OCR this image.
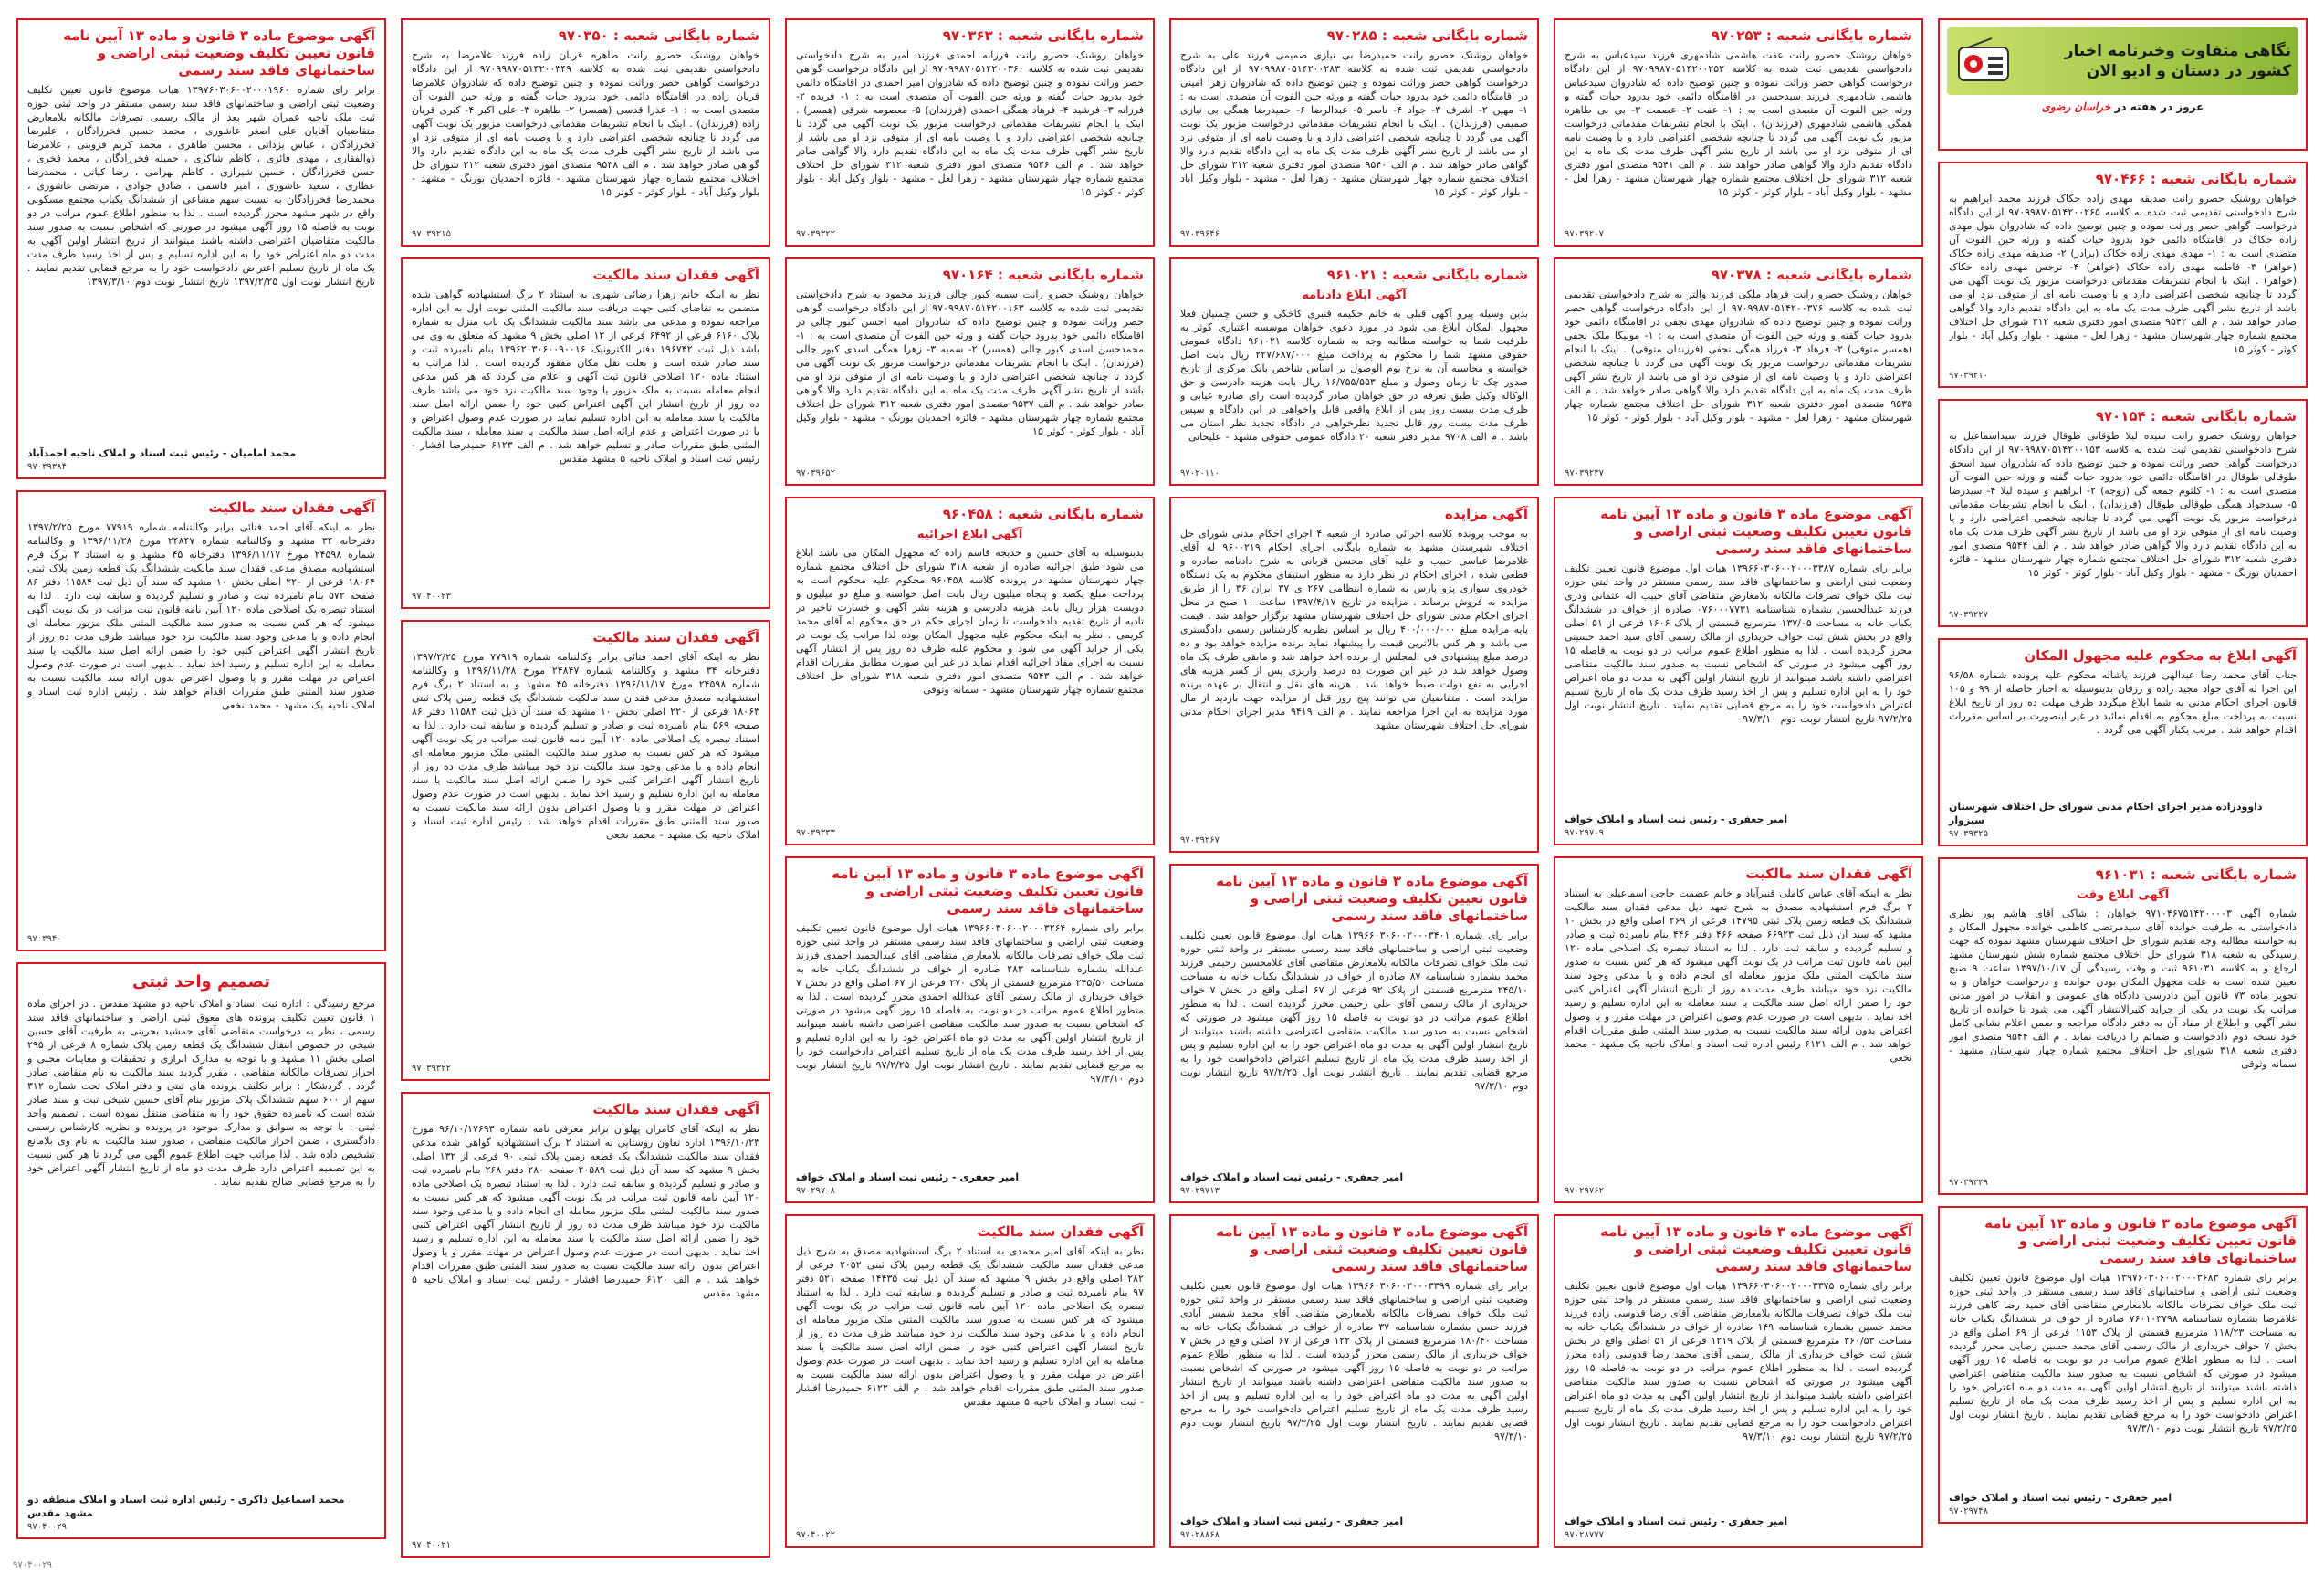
نگاهی متفاوت وخبرنامه اخبار کشور در دستان و ادیو الان
عروز در هفته در خراسان رضوی
شماره بایگانی شعبه : ۹۷۰۴۶۶
خواهان روشنک حصرو رانت صدیقه مهدی زاده حکاک فرزند محمد ابراهیم به شرح دادخواستی تقدیمی ثبت شده به کلاسه ۹۷۰۹۹۸۷۰۵۱۴۲۰۰۲۶۵ از این دادگاه درخواست گواهی حصر وراثت نموده و چنین توضیح داده که شادروان بتول مهدی زاده حکاک در اقامتگاه دائمی خود بدرود حیات گفته و ورثه حین الفوت آن متصدی است به : ۱- مهدی مهدی زاده حکاک (برادر) ۲- صدیقه مهدی زاده حکاک (خواهر) ۳- فاطمه مهدی زاده حکاک (خواهر) ۴- ترجس مهدی زاده حکاک (خواهر) . اینک با انجام تشریفات مقدماتی درخواست مزبور یک نوبت آگهی می گردد تا چنانچه شخصی اعتراضی دارد و یا وصیت نامه ای از متوفی نزد او می باشد از تاریخ نشر آگهی ظرف مدت یک ماه به این دادگاه تقدیم دارد والا گواهی صادر خواهد شد . م الف ۹۵۴۲ متصدی امور دفتری شعبه ۳۱۲ شورای حل اختلاف مجتمع شماره چهار شهرستان مشهد - زهرا لعل - مشهد - بلوار وکیل آباد - بلوار کوثر - کوثر ۱۵
۹۷۰۳۹۲۱۰
شماره بایگانی شعبه : ۹۷۰۱۵۴
خواهان روشنک حصرو رانت سیده لیلا طوقانی طوقال فرزند سیداسماعیل به شرح دادخواستی تقدیمی ثبت شده به کلاسه ۹۷۰۹۹۸۷۰۵۱۴۲۰۰۱۵۳ از این دادگاه درخواست گواهی حصر وراثت نموده و چنین توضیح داده که شادروان سید اسحق طوقالی طوقال در اقامتگاه دائمی خود بدرود حیات گفته و ورثه حین الفوت آن متصدی است به : ۱- کلثوم جمعه گی (زوجه) ۲- ابراهیم و سیده لیلا ۴- سیدرضا ۵- سیدجواد همگی طوقالی طوقال (فرزندان) . اینک با انجام تشریفات مقدماتی درخواست مزبور یک نوبت آگهی می گردد تا چنانچه شخصی اعتراضی دارد و یا وصیت نامه ای از متوفی نزد او می باشد از تاریخ نشر آگهی ظرف مدت یک ماه به این دادگاه تقدیم دارد والا گواهی صادر خواهد شد . م الف ۹۵۴۴ متصدی امور دفتری شعبه ۳۱۲ شورای حل اختلاف مجتمع شماره چهار شهرستان مشهد - فائزه احمدیان بورنگ - مشهد - بلوار وکیل آباد - بلوار کوثر - کوثر ۱۵
۹۷۰۳۹۲۲۷
آگهی ابلاغ به محکوم علیه مجهول المکان
جناب آقای محمد رضا عبدالهی فرزند یاشاله محکوم علیه پرونده شماره ۹۶/۵۸ این اجرا له آقای جواد مجید زاده و رزقان بدینوسیله به اخبار حاصله از ۹۹ و ۱۰۵ قانون اجرای احکام مدنی به شما ابلاغ میگردد ظرف مهلت ده روز از تاریخ ابلاغ نسبت به پرداخت مبلغ محکوم به اقدام نمائید در غیر اینصورت بر اساس مقررات اقدام خواهد شد . مرتب یکبار آگهی می گردد .
داوودزاده مدیر اجرای احکام مدنی شورای حل اختلاف شهرستان سبزوار
۹۷۰۳۹۳۲۵
شماره بایگانی شعبه : ۹۶۱۰۳۱
آگهی ابلاغ وقت
شماره آگهی ۹۷۱۰۴۶۷۵۱۴۲۰۰۰۰۳ خواهان : شاکی آقای هاشم پور نظری دادخواستی به طرفیت خوانده آقای سیدمرتضی کاظمی خوانده مجهول المکان و به خواسته مطالبه وجه تقدیم شورای حل اختلاف شهرستان مشهد نموده که جهت رسیدگی به شعبه ۳۱۸ شورای حل اختلاف مجتمع شماره شش شهرستان مشهد ارجاع و به کلاسه ۹۶۱۰۳۱ ثبت و وقت رسیدگی آن ۱۳۹۷/۱۰/۱۷ ساعت ۹ صبح تعیین شده است به علت مجهول المکان بودن خوانده و درخواست خواهان و به تجویز ماده ۷۳ قانون آیین دادرسی دادگاه های عمومی و انقلاب در امور مدنی مراتب یک نوبت در یکی از جراید کثیرالانتشار آگهی می شود تا خوانده از تاریخ نشر آگهی و اطلاع از مفاد آن به دفتر دادگاه مراجعه و ضمن اعلام نشانی کامل خود نسخه دوم دادخواست و ضمائم را دریافت نماید . م الف ۹۵۴۴ متصدی امور دفتری شعبه ۳۱۸ شورای حل اختلاف مجتمع شماره چهار شهرستان مشهد - سمانه وثوقی
۹۷۰۳۹۳۳۹
آگهی موضوع ماده ۳ قانون و ماده ۱۳ آیین نامه قانون تعیین تکلیف وضعیت ثبتی اراضی و ساختمانهای فاقد سند رسمی
برابر رای شماره ۱۳۹۷۶۰۳۰۶۰۰۲۰۰۰۳۶۸۳ هیات اول موضوع قانون تعیین تکلیف وضعیت ثبتی اراضی و ساختمانهای فاقد سند رسمی مستقر در واحد ثبتی حوزه ثبت ملک خواف تصرفات مالکانه بلامعارض متقاضی آقای حمید رضا کاهی فرزند غلامرضا بشماره شناسنامه ۷۶۰۱۰۳۷۹۸ صادره از خواف در ششدانگ یکباب خانه به مساحت ۱۱۸/۲۳ مترمربع قسمتی از پلاک ۱۱۵۳ فرعی از ۶۹ اصلی واقع در بخش ۷ خواف خریداری از مالک رسمی آقای محمد حسین رضایی محرز گردیده است . لذا به منظور اطلاع عموم مراتب در دو نوبت به فاصله ۱۵ روز آگهی میشود در صورتی که اشخاص نسبت به صدور سند مالکیت متقاضی اعتراضی داشته باشند میتوانند از تاریخ انتشار اولین آگهی به مدت دو ماه اعتراض خود را به این اداره تسلیم و پس از اخذ رسید ظرف مدت یک ماه از تاریخ تسلیم اعتراض دادخواست خود را به مرجع قضایی تقدیم نمایند . تاریخ انتشار نوبت اول ۹۷/۲/۲۵ تاریخ انتشار نوبت دوم ۹۷/۳/۱۰
امیر جعفری - رئیس ثبت اسناد و املاک خواف
۹۷۰۲۹۷۴۸
شماره بایگانی شعبه : ۹۷۰۲۵۳
خواهان روشنک حصرو رانت عفت هاشمی شادمهری فرزند سیدعباس به شرح دادخواستی تقدیمی ثبت شده به کلاسه ۹۷۰۹۹۸۷۰۵۱۴۲۰۰۲۵۲ از این دادگاه درخواست گواهی حصر وراثت نموده و چنین توضیح داده که شادروان سیدعباس هاشمی شادمهری فرزند سیدحسن در اقامتگاه دائمی خود بدرود حیات گفته و ورثه حین الفوت آن متصدی است به : ۱- عفت ۲- عصمت ۳- بی بی طاهره همگی هاشمی شادمهری (فرزندان) . اینک با انجام تشریفات مقدماتی درخواست مزبور یک نوبت آگهی می گردد تا چنانچه شخصی اعتراضی دارد و یا وصیت نامه ای از متوفی نزد او می باشد از تاریخ نشر آگهی ظرف مدت یک ماه به این دادگاه تقدیم دارد والا گواهی صادر خواهد شد . م الف ۹۵۴۱ متصدی امور دفتری شعبه ۳۱۲ شورای حل اختلاف مجتمع شماره چهار شهرستان مشهد - زهرا لعل - مشهد - بلوار وکیل آباد - بلوار کوثر - کوثر ۱۵
۹۷۰۳۹۲۰۷
شماره بایگانی شعبه : ۹۷۰۳۷۸
خواهان روشنک حصرو رانت فرهاد ملکی فرزند والتر به شرح دادخواستی تقدیمی ثبت شده به کلاسه ۹۷۰۹۹۸۷۰۵۱۴۲۰۰۳۷۶ از این دادگاه درخواست گواهی حصر وراثت نموده و چنین توضیح داده که شادروان مهدی نجفی در اقامتگاه دائمی خود بدرود حیات گفته و ورثه حین الفوت آن متصدی است به : ۱- مونیکا ملک نجفی (همسر متوفی) ۲- فرهاد ۳- فرزاد همگی نجفی (فرزندان متوفی) . اینک با انجام تشریفات مقدماتی درخواست مزبور یک نوبت آگهی می گردد تا چنانچه شخصی اعتراضی دارد و یا وصیت نامه ای از متوفی نزد او می باشد از تاریخ نشر آگهی ظرف مدت یک ماه به این دادگاه تقدیم دارد والا گواهی صادر خواهد شد . م الف ۹۵۳۵ متصدی امور دفتری شعبه ۳۱۲ شورای حل اختلاف مجتمع شماره چهار شهرستان مشهد - زهرا لعل - مشهد - بلوار وکیل آباد - بلوار کوثر - کوثر ۱۵
۹۷۰۳۹۲۳۷
آگهی موضوع ماده ۳ قانون و ماده ۱۳ آیین نامه قانون تعیین تکلیف وضعیت ثبتی اراضی و ساختمانهای فاقد سند رسمی
برابر رای شماره ۱۳۹۶۶۰۳۰۶۰۰۲۰۰۰۳۳۸۷ هیات اول موضوع قانون تعیین تکلیف وضعیت ثبتی اراضی و ساختمانهای فاقد سند رسمی مستقر در واحد ثبتی حوزه ثبت ملک خواف تصرفات مالکانه بلامعارض متقاضی آقای حبیب اله عثمانی ودری فرزند عبدالحسین بشماره شناسنامه ۰۷۶۰۰۰۷۷۳۱ صادره از خواف در ششدانگ یکباب خانه به مساحت ۱۳۷/۰۵ مترمربع قسمتی از پلاک ۱۶۰۶ فرعی از ۵۱ اصلی واقع در بخش شش ثبت خواف خریداری از مالک رسمی آقای سید احمد حسینی محرز گردیده است . لذا به منظور اطلاع عموم مراتب در دو نوبت به فاصله ۱۵ روز آگهی میشود در صورتی که اشخاص نسبت به صدور سند مالکیت متقاضی اعتراضی داشته باشند میتوانند از تاریخ انتشار اولین آگهی به مدت دو ماه اعتراض خود را به این اداره تسلیم و پس از اخذ رسید ظرف مدت یک ماه از تاریخ تسلیم اعتراض دادخواست خود را به مرجع قضایی تقدیم نمایند . تاریخ انتشار نوبت اول ۹۷/۲/۲۵ تاریخ انتشار نوبت دوم ۹۷/۳/۱۰
امیر جعفری - رئیس ثبت اسناد و املاک خواف
۹۷۰۲۹۷۰۹
آگهی فقدان سند مالکیت
نظر به اینکه آقای عباس کاملی قنبرآباد و خانم عصمت حاجی اسماعیلی به استناد ۲ برگ فرم استشهادیه مصدق به شرح تعهد ذیل مدعی فقدان سند مالکیت ششدانگ یک قطعه زمین پلاک ثبتی ۱۴۷۹۵ فرعی از ۲۶۹ اصلی واقع در بخش ۱۰ مشهد که سند آن ذیل ثبت ۶۶۹۲۳ صفحه ۴۶۶ دفتر ۴۴۶ بنام نامبرده ثبت و صادر و تسلیم گردیده و سابقه ثبت دارد . لذا به استناد تبصره یک اصلاحی ماده ۱۲۰ آیین نامه قانون ثبت مراتب در یک نوبت آگهی میشود که هر کس نسبت به صدور سند مالکیت المثنی ملک مزبور معامله ای انجام داده و یا مدعی وجود سند مالکیت نزد خود میباشد ظرف مدت ده روز از تاریخ انتشار آگهی اعتراض کتبی خود را ضمن ارائه اصل سند مالکیت یا سند معامله به این اداره تسلیم و رسید اخذ نماید . بدیهی است در صورت عدم وصول اعتراض در مهلت مقرر و یا وصول اعتراض بدون ارائه سند مالکیت نسبت به صدور سند المثنی طبق مقررات اقدام خواهد شد . م الف ۶۱۲۱ رئیس اداره ثبت اسناد و املاک ناحیه یک مشهد - محمد نخعی
۹۷۰۲۹۷۶۲
آگهی موضوع ماده ۳ قانون و ماده ۱۳ آیین نامه قانون تعیین تکلیف وضعیت ثبتی اراضی و ساختمانهای فاقد سند رسمی
برابر رای شماره ۱۳۹۶۶۰۳۰۶۰۰۲۰۰۰۳۳۷۵ هیات اول موضوع قانون تعیین تکلیف وضعیت ثبتی اراضی و ساختمانهای فاقد سند رسمی مستقر در واحد ثبتی حوزه ثبت ملک خواف تصرفات مالکانه بلامعارض متقاضی آقای رضا قدوسی زاده فرزند محمد حسین بشماره شناسنامه ۱۴۹ صادره از خواف در ششدانگ یکباب خانه به مساحت ۳۶۰/۵۳ مترمربع قسمتی از پلاک ۱۲۱۹ فرعی از ۵۱ اصلی واقع در بخش شش ثبت خواف خریداری از مالک رسمی آقای محمد رضا قدوسی زاده محرز گردیده است . لذا به منظور اطلاع عموم مراتب در دو نوبت به فاصله ۱۵ روز آگهی میشود در صورتی که اشخاص نسبت به صدور سند مالکیت متقاضی اعتراضی داشته باشند میتوانند از تاریخ انتشار اولین آگهی به مدت دو ماه اعتراض خود را به این اداره تسلیم و پس از اخذ رسید ظرف مدت یک ماه از تاریخ تسلیم اعتراض دادخواست خود را به مرجع قضایی تقدیم نمایند . تاریخ انتشار نوبت اول ۹۷/۲/۲۵ تاریخ انتشار نوبت دوم ۹۷/۳/۱۰
امیر جعفری - رئیس ثبت اسناد و املاک خواف
۹۷۰۲۸۷۷۷
شماره بایگانی شعبه : ۹۷۰۲۸۵
خواهان روشنک حصرو رانت حمیدرضا بی نیازی صمیمی فرزند علی به شرح دادخواستی تقدیمی ثبت شده به کلاسه ۹۷۰۹۹۸۷۰۵۱۴۲۰۰۲۸۳ از این دادگاه درخواست گواهی حصر وراثت نموده و چنین توضیح داده که شادروان زهرا امینی در اقامتگاه دائمی خود بدرود حیات گفته و ورثه حین الفوت آن متصدی است به : ۱- مهین ۲- اشرف ۳- جواد ۴- ناصر ۵- عبدالرضا ۶- حمیدرضا همگی بی نیازی صمیمی (فرزندان) . اینک با انجام تشریفات مقدماتی درخواست مزبور یک نوبت آگهی می گردد تا چنانچه شخصی اعتراضی دارد و یا وصیت نامه ای از متوفی نزد او می باشد از تاریخ نشر آگهی ظرف مدت یک ماه به این دادگاه تقدیم دارد والا گواهی صادر خواهد شد . م الف ۹۵۴۰ متصدی امور دفتری شعبه ۳۱۲ شورای حل اختلاف مجتمع شماره چهار شهرستان مشهد - زهرا لعل - مشهد - بلوار وکیل آباد - بلوار کوثر - کوثر ۱۵
۹۷۰۳۹۶۴۶
شماره بایگانی شعبه : ۹۶۱۰۲۱
آگهی ابلاغ دادنامه
بدین وسیله پیرو آگهی قبلی به خانم حکیمه قنبری کاخکی و حسن چمنیان فعلا مجهول المکان ابلاغ می شود در مورد دعوی خواهان موسسه اعتباری کوثر به طرفیت شما به خواسته مطالبه وجه به شماره کلاسه ۹۶۱۰۲۱ دادگاه عمومی حقوقی مشهد شما را محکوم به پرداخت مبلغ ۲۲۷/۶۸۷/۰۰۰ ریال بابت اصل خواسته و محاسبه آن به نرخ یوم الوصول بر اساس شاخص بانک مرکزی از تاریخ صدور چک تا زمان وصول و مبلغ ۱۶/۷۵۵/۵۵۳ ریال بابت هزینه دادرسی و حق الوکاله وکیل طبق تعرفه در حق خواهان صادر گردیده است رای صادره غیابی و ظرف مدت بیست روز پس از ابلاغ واقعی قابل واخواهی در این دادگاه و سپس ظرف مدت بیست روز قابل تجدید نظرخواهی در دادگاه تجدید نظر استان می باشد . م الف ۹۷۰۸ مدیر دفتر شعبه ۲۰ دادگاه عمومی حقوقی مشهد - علیخانی
۹۷۰۲۰۱۱۰
آگهی مزایده
به موجب پرونده کلاسه اجرائی صادره از شعبه ۴ اجرای احکام مدنی شورای حل اختلاف شهرستان مشهد به شماره بایگانی اجرای احکام ۹۶۰۰۲۱۹ له آقای غلامرضا عباسی حبیب و علیه آقای محسن قربانی به شرح دادنامه صادره و قطعی شده ، اجرای احکام در نظر دارد به منظور استیفای محکوم به یک دستگاه خودروی سواری پژو پارس به شماره انتظامی ۲۶۷ ی ۳۷ ایران ۳۶ را از طریق مزایده به فروش برساند . مزایده در تاریخ ۱۳۹۷/۴/۱۷ ساعت ۱۰ صبح در محل اجرای احکام مدنی شورای حل اختلاف شهرستان مشهد برگزار خواهد شد . قیمت پایه مزایده مبلغ ۴۰۰/۰۰۰/۰۰۰ ریال بر اساس نظریه کارشناس رسمی دادگستری می باشد و هر کس بالاترین قیمت را پیشنهاد نماید برنده مزایده خواهد بود و ده درصد مبلغ پیشنهادی فی المجلس از برنده اخذ خواهد شد و مابقی ظرف یک ماه وصول خواهد شد در غیر این صورت ده درصد واریزی پس از کسر هزینه های اجرایی به نفع دولت ضبط خواهد شد . هزینه های نقل و انتقال بر عهده برنده مزایده است . متقاضیان می توانند پنج روز قبل از مزایده جهت بازدید از مال مورد مزایده به این اجرا مراجعه نمایند . م الف ۹۴۱۹ مدیر اجرای احکام مدنی شورای حل اختلاف شهرستان مشهد
۹۷۰۳۹۲۶۷
آگهی موضوع ماده ۳ قانون و ماده ۱۳ آیین نامه قانون تعیین تکلیف وضعیت ثبتی اراضی و ساختمانهای فاقد سند رسمی
برابر رای شماره ۱۳۹۶۶۰۳۰۶۰۰۲۰۰۰۳۴۰۱ هیات اول موضوع قانون تعیین تکلیف وضعیت ثبتی اراضی و ساختمانهای فاقد سند رسمی مستقر در واحد ثبتی حوزه ثبت ملک خواف تصرفات مالکانه بلامعارض متقاضی آقای غلامحسین رحیمی فرزند محمد بشماره شناسنامه ۸۷ صادره از خواف در ششدانگ یکباب خانه به مساحت ۲۴۵/۱۰ مترمربع قسمتی از پلاک ۹۲ فرعی از ۶۷ اصلی واقع در بخش ۷ خواف خریداری از مالک رسمی آقای علی رحیمی محرز گردیده است . لذا به منظور اطلاع عموم مراتب در دو نوبت به فاصله ۱۵ روز آگهی میشود در صورتی که اشخاص نسبت به صدور سند مالکیت متقاضی اعتراضی داشته باشند میتوانند از تاریخ انتشار اولین آگهی به مدت دو ماه اعتراض خود را به این اداره تسلیم و پس از اخذ رسید ظرف مدت یک ماه از تاریخ تسلیم اعتراض دادخواست خود را به مرجع قضایی تقدیم نمایند . تاریخ انتشار نوبت اول ۹۷/۲/۲۵ تاریخ انتشار نوبت دوم ۹۷/۳/۱۰
امیر جعفری - رئیس ثبت اسناد و املاک خواف
۹۷۰۲۹۷۱۳
آگهی موضوع ماده ۳ قانون و ماده ۱۳ آیین نامه قانون تعیین تکلیف وضعیت ثبتی اراضی و ساختمانهای فاقد سند رسمی
برابر رای شماره ۱۳۹۶۶۰۳۰۶۰۰۲۰۰۰۳۳۹۹ هیات اول موضوع قانون تعیین تکلیف وضعیت ثبتی اراضی و ساختمانهای فاقد سند رسمی مستقر در واحد ثبتی حوزه ثبت ملک خواف تصرفات مالکانه بلامعارض متقاضی آقای محمد شمس آبادی فرزند حسن بشماره شناسنامه ۳۷ صادره از خواف در ششدانگ یکباب خانه به مساحت ۱۸۰/۴۰ مترمربع قسمتی از پلاک ۱۲۲ فرعی از ۶۷ اصلی واقع در بخش ۷ خواف خریداری از مالک رسمی محرز گردیده است . لذا به منظور اطلاع عموم مراتب در دو نوبت به فاصله ۱۵ روز آگهی میشود در صورتی که اشخاص نسبت به صدور سند مالکیت متقاضی اعتراضی داشته باشند میتوانند از تاریخ انتشار اولین آگهی به مدت دو ماه اعتراض خود را به این اداره تسلیم و پس از اخذ رسید ظرف مدت یک ماه از تاریخ تسلیم اعتراض دادخواست خود را به مرجع قضایی تقدیم نمایند . تاریخ انتشار نوبت اول ۹۷/۲/۲۵ تاریخ انتشار نوبت دوم ۹۷/۳/۱۰
امیر جعفری - رئیس ثبت اسناد و املاک خواف
۹۷۰۲۸۸۶۸
شماره بایگانی شعبه : ۹۷۰۳۶۳
خواهان روشنک حصرو رانت فرزانه احمدی فرزند امیر به شرح دادخواستی تقدیمی ثبت شده به کلاسه ۹۷۰۹۹۸۷۰۵۱۴۲۰۰۳۶۰ از این دادگاه درخواست گواهی حصر وراثت نموده و چنین توضیح داده که شادروان امیر احمدی در اقامتگاه دائمی خود بدرود حیات گفته و ورثه حین الفوت آن متصدی است به : ۱- فریده ۲- فرزانه ۳- فرشید ۴- فرهاد همگی احمدی (فرزندان) ۵- معصومه شرقی (همسر) . اینک با انجام تشریفات مقدماتی درخواست مزبور یک نوبت آگهی می گردد تا چنانچه شخصی اعتراضی دارد و یا وصیت نامه ای از متوفی نزد او می باشد از تاریخ نشر آگهی ظرف مدت یک ماه به این دادگاه تقدیم دارد والا گواهی صادر خواهد شد . م الف ۹۵۳۶ متصدی امور دفتری شعبه ۳۱۲ شورای حل اختلاف مجتمع شماره چهار شهرستان مشهد - زهرا لعل - مشهد - بلوار وکیل آباد - بلوار کوثر - کوثر ۱۵
۹۷۰۳۹۳۲۲
شماره بایگانی شعبه : ۹۷۰۱۶۴
خواهان روشنک حصرو رانت سمیه کبور چالی فرزند محمود به شرح دادخواستی تقدیمی ثبت شده به کلاسه ۹۷۰۹۹۸۷۰۵۱۴۲۰۰۱۶۳ از این دادگاه درخواست گواهی حصر وراثت نموده و چنین توضیح داده که شادروان امیه احسن کبور چالی در اقامتگاه دائمی خود بدرود حیات گفته و ورثه حین الفوت آن متصدی است به : ۱- محمدحسن اسدی کبور چالی (همسر) ۲- سمیه ۳- زهرا همگی اسدی کبور چالی (فرزندان) . اینک با انجام تشریفات مقدماتی درخواست مزبور یک نوبت آگهی می گردد تا چنانچه شخصی اعتراضی دارد و یا وصیت نامه ای از متوفی نزد او می باشد از تاریخ نشر آگهی ظرف مدت یک ماه به این دادگاه تقدیم دارد والا گواهی صادر خواهد شد . م الف ۹۵۳۷ متصدی امور دفتری شعبه ۳۱۲ شورای حل اختلاف مجتمع شماره چهار شهرستان مشهد - فائزه احمدیان بورنگ - مشهد - بلوار وکیل آباد - بلوار کوثر - کوثر ۱۵
۹۷۰۳۹۶۵۲
شماره بایگانی شعبه : ۹۶۰۴۵۸
آگهی ابلاغ اجرائیه
بدینوسیله به آقای حسین و خدیجه قاسم زاده که مجهول المکان می باشد ابلاغ می شود طبق اجرائیه صادره از شعبه ۳۱۸ شورای حل اختلاف مجتمع شماره چهار شهرستان مشهد در پرونده کلاسه ۹۶۰۴۵۸ محکوم علیه محکوم است به پرداخت مبلغ یکصد و پنجاه میلیون ریال بابت اصل خواسته و مبلغ دو میلیون و دویست هزار ریال بابت هزینه دادرسی و هزینه نشر آگهی و خسارت تاخیر در تادیه از تاریخ تقدیم دادخواست تا زمان اجرای حکم در حق محکوم له آقای محمد کریمی . نظر به اینکه محکوم علیه مجهول المکان بوده لذا مراتب یک نوبت در یکی از جراید آگهی می شود و محکوم علیه ظرف ده روز پس از انتشار آگهی نسبت به اجرای مفاد اجرائیه اقدام نماید در غیر این صورت مطابق مقررات اقدام خواهد شد . م الف ۹۵۴۳ متصدی امور دفتری شعبه ۳۱۸ شورای حل اختلاف مجتمع شماره چهار شهرستان مشهد - سمانه وثوقی
۹۷۰۳۹۳۳۳
آگهی موضوع ماده ۳ قانون و ماده ۱۳ آیین نامه قانون تعیین تکلیف وضعیت ثبتی اراضی و ساختمانهای فاقد سند رسمی
برابر رای شماره ۱۳۹۶۶۰۳۰۶۰۰۲۰۰۰۳۲۶۴ هیات اول موضوع قانون تعیین تکلیف وضعیت ثبتی اراضی و ساختمانهای فاقد سند رسمی مستقر در واحد ثبتی حوزه ثبت ملک خواف تصرفات مالکانه بلامعارض متقاضی آقای عبدالحمید احمدی فرزند عبدالله بشماره شناسنامه ۲۸۳ صادره از خواف در ششدانگ یکباب خانه به مساحت ۲۴۵/۵۰ مترمربع قسمتی از پلاک ۲۷۰ فرعی از ۶۷ اصلی واقع در بخش ۷ خواف خریداری از مالک رسمی آقای عبدالله احمدی محرز گردیده است . لذا به منظور اطلاع عموم مراتب در دو نوبت به فاصله ۱۵ روز آگهی میشود در صورتی که اشخاص نسبت به صدور سند مالکیت متقاضی اعتراضی داشته باشند میتوانند از تاریخ انتشار اولین آگهی به مدت دو ماه اعتراض خود را به این اداره تسلیم و پس از اخذ رسید ظرف مدت یک ماه از تاریخ تسلیم اعتراض دادخواست خود را به مرجع قضایی تقدیم نمایند . تاریخ انتشار نوبت اول ۹۷/۲/۲۵ تاریخ انتشار نوبت دوم ۹۷/۳/۱۰
امیر جعفری - رئیس ثبت اسناد و املاک خواف
۹۷۰۲۹۷۰۸
آگهی فقدان سند مالکیت
نظر به اینکه آقای امیر محمدی به استناد ۲ برگ استشهادیه مصدق به شرح ذیل مدعی فقدان سند مالکیت ششدانگ یک قطعه زمین پلاک ثبتی ۲۰۵۲ فرعی از ۲۸۲ اصلی واقع در بخش ۹ مشهد که سند آن ذیل ثبت ۱۴۴۳۵ صفحه ۵۲۱ دفتر ۹۷ بنام نامبرده ثبت و صادر و تسلیم گردیده و سابقه ثبت دارد . لذا به استناد تبصره یک اصلاحی ماده ۱۲۰ آیین نامه قانون ثبت مراتب در یک نوبت آگهی میشود که هر کس نسبت به صدور سند مالکیت المثنی ملک مزبور معامله ای انجام داده و یا مدعی وجود سند مالکیت نزد خود میباشد ظرف مدت ده روز از تاریخ انتشار آگهی اعتراض کتبی خود را ضمن ارائه اصل سند مالکیت یا سند معامله به این اداره تسلیم و رسید اخذ نماید . بدیهی است در صورت عدم وصول اعتراض در مهلت مقرر و یا وصول اعتراض بدون ارائه سند مالکیت نسبت به صدور سند المثنی طبق مقررات اقدام خواهد شد . م الف ۶۱۲۲ حمیدرضا افشار - ثبت اسناد و املاک ناحیه ۵ مشهد مقدس
۹۷۰۴۰۰۲۲
شماره بایگانی شعبه : ۹۷۰۳۵۰
خواهان روشنک حصرو رانت طاهره قربان زاده فرزند غلامرضا به شرح دادخواستی تقدیمی ثبت شده به کلاسه ۹۷۰۹۹۸۷۰۵۱۴۲۰۰۳۴۹ از این دادگاه درخواست گواهی حصر وراثت نموده و چنین توضیح داده که شادروان غلامرضا قربان زاده در اقامتگاه دائمی خود بدرود حیات گفته و ورثه حین الفوت آن متصدی است به : ۱- عذرا قدسی (همسر) ۲- طاهره ۳- علی اکبر ۴- کبری قربان زاده (فرزندان) . اینک با انجام تشریفات مقدماتی درخواست مزبور یک نوبت آگهی می گردد تا چنانچه شخصی اعتراضی دارد و یا وصیت نامه ای از متوفی نزد او می باشد از تاریخ نشر آگهی ظرف مدت یک ماه به این دادگاه تقدیم دارد والا گواهی صادر خواهد شد . م الف ۹۵۳۸ متصدی امور دفتری شعبه ۳۱۲ شورای حل اختلاف مجتمع شماره چهار شهرستان مشهد - فائزه احمدیان بورنگ - مشهد - بلوار وکیل آباد - بلوار کوثر - کوثر ۱۵
۹۷۰۳۹۲۱۵
آگهی فقدان سند مالکیت
نظر به اینکه خانم زهرا رضائی شهری به استناد ۲ برگ استشهادیه گواهی شده متضمن به تقاضای کتبی جهت دریافت سند مالکیت المثنی نوبت اول به این اداره مراجعه نموده و مدعی می باشد سند مالکیت ششدانگ یک باب منزل به شماره پلاک ۶۱۶۰ فرعی از ۶۴۹۲ فرعی از ۱۲ اصلی بخش ۹ مشهد که متعلق به وی می باشد ذیل ثبت ۱۹۶۷۴۲ دفتر الکترونیک ۱۳۹۶۲۰۳۰۶۰۰۹۰۰۱۶ بنام نامبرده ثبت و سند صادر شده است و بعلت نقل مکان مفقود گردیده است . لذا مراتب به استناد ماده ۱۲۰ اصلاحی قانون ثبت آگهی و اعلام می گردد که هر کس مدعی انجام معامله نسبت به ملک مزبور یا وجود سند مالکیت نزد خود می باشد ظرف ده روز از تاریخ انتشار این آگهی اعتراض کتبی خود را ضمن ارائه اصل سند مالکیت یا سند معامله به این اداره تسلیم نماید در صورت عدم وصول اعتراض و یا در صورت اعتراض و عدم ارائه اصل سند مالکیت یا سند معامله ، سند مالکیت المثنی طبق مقررات صادر و تسلیم خواهد شد . م الف ۶۱۲۳ حمیدرضا افشار - رئیس ثبت اسناد و املاک ناحیه ۵ مشهد مقدس
۹۷۰۴۰۰۲۳
آگهی فقدان سند مالکیت
نظر به اینکه آقای احمد فتائی برابر وکالتنامه شماره ۷۷۹۱۹ مورخ ۱۳۹۷/۲/۲۵ دفترخانه ۳۴ مشهد و وکالتنامه شماره ۲۴۸۴۷ مورخ ۱۳۹۶/۱۱/۲۸ و وکالتنامه شماره ۲۴۵۹۸ مورخ ۱۳۹۶/۱۱/۱۷ دفترخانه ۴۵ مشهد و به استناد ۲ برگ فرم استشهادیه مصدق مدعی فقدان سند مالکیت ششدانگ یک قطعه زمین پلاک ثبتی ۱۸۰۶۳ فرعی از ۲۲۰ اصلی بخش ۱۰ مشهد که سند آن ذیل ثبت ۱۱۵۸۳ دفتر ۸۶ صفحه ۵۶۹ بنام نامبرده ثبت و صادر و تسلیم گردیده و سابقه ثبت دارد . لذا به استناد تبصره یک اصلاحی ماده ۱۲۰ آیین نامه قانون ثبت مراتب در یک نوبت آگهی میشود که هر کس نسبت به صدور سند مالکیت المثنی ملک مزبور معامله ای انجام داده و یا مدعی وجود سند مالکیت نزد خود میباشد ظرف مدت ده روز از تاریخ انتشار آگهی اعتراض کتبی خود را ضمن ارائه اصل سند مالکیت یا سند معامله به این اداره تسلیم و رسید اخذ نماید . بدیهی است در صورت عدم وصول اعتراض در مهلت مقرر و یا وصول اعتراض بدون ارائه سند مالکیت نسبت به صدور سند المثنی طبق مقررات اقدام خواهد شد . رئیس اداره ثبت اسناد و املاک ناحیه یک مشهد - محمد نخعی
۹۷۰۳۹۳۲۲
آگهی فقدان سند مالکیت
نظر به اینکه آقای کامران پهلوان برابر معرفی نامه شماره ۹۶/۱۰/۱۷۶۹۳ مورخ ۱۳۹۶/۱۰/۲۳ اداره تعاون روستایی به استناد ۲ برگ استشهادیه گواهی شده مدعی فقدان سند مالکیت ششدانگ یک قطعه زمین پلاک ثبتی ۹۰ فرعی از ۱۳۲ اصلی بخش ۹ مشهد که سند آن ذیل ثبت ۲۰۵۸۹ صفحه ۲۸۰ دفتر ۲۶۸ بنام نامبرده ثبت و صادر و تسلیم گردیده و سابقه ثبت دارد . لذا به استناد تبصره یک اصلاحی ماده ۱۲۰ آیین نامه قانون ثبت مراتب در یک نوبت آگهی میشود که هر کس نسبت به صدور سند مالکیت المثنی ملک مزبور معامله ای انجام داده و یا مدعی وجود سند مالکیت نزد خود میباشد ظرف مدت ده روز از تاریخ انتشار آگهی اعتراض کتبی خود را ضمن ارائه اصل سند مالکیت یا سند معامله به این اداره تسلیم و رسید اخذ نماید . بدیهی است در صورت عدم وصول اعتراض در مهلت مقرر و یا وصول اعتراض بدون ارائه سند مالکیت نسبت به صدور سند المثنی طبق مقررات اقدام خواهد شد . م الف ۶۱۲۰ حمیدرضا افشار - رئیس ثبت اسناد و املاک ناحیه ۵ مشهد مقدس
۹۷۰۴۰۰۲۱
آگهی موضوع ماده ۳ قانون و ماده ۱۳ آیین نامه قانون تعیین تکلیف وضعیت ثبتی اراضی و ساختمانهای فاقد سند رسمی
برابر رای شماره ۱۳۹۷۶۰۳۰۶۰۰۲۰۰۰۱۹۶۰ هیات موضوع قانون تعیین تکلیف وضعیت ثبتی اراضی و ساختمانهای فاقد سند رسمی مستقر در واحد ثبتی حوزه ثبت ملک ناحیه عمران شهر بعد از مالک رسمی تصرفات مالکانه بلامعارض متقاضیان آقایان علی اصغر عاشوری ، محمد حسین فخرزادگان ، علیرضا فخرزادگان ، عباس یزدانی ، محسن طاهری ، محمد کریم قزوینی ، غلامرضا ذوالفقاری ، مهدی فائزی ، کاظم شاکری ، جمیله فخرزادگان ، محمد فخری ، حسن فخرزادگان ، حسین شیرازی ، کاظم بهرامی ، رضا کیانی ، محمدرضا عطاری ، سعید عاشوری ، امیر قاسمی ، صادق جوادی ، مرتضی عاشوری ، محمدرضا فخرزادگان به نسبت سهم مشاعی از ششدانگ یکباب مجتمع مسکونی واقع در شهر مشهد محرز گردیده است . لذا به منظور اطلاع عموم مراتب در دو نوبت به فاصله ۱۵ روز آگهی میشود در صورتی که اشخاص نسبت به صدور سند مالکیت متقاضیان اعتراضی داشته باشند میتوانند از تاریخ انتشار اولین آگهی به مدت دو ماه اعتراض خود را به این اداره تسلیم و پس از اخذ رسید ظرف مدت یک ماه از تاریخ تسلیم اعتراض دادخواست خود را به مرجع قضایی تقدیم نمایند . تاریخ انتشار نوبت اول ۱۳۹۷/۲/۲۵ تاریخ انتشار نوبت دوم ۱۳۹۷/۳/۱۰
محمد امامیان - رئیس ثبت اسناد و املاک ناحیه احمدآباد
۹۷۰۳۹۳۸۴
آگهی فقدان سند مالکیت
نظر به اینکه آقای احمد فتائی برابر وکالتنامه شماره ۷۷۹۱۹ مورخ ۱۳۹۷/۲/۲۵ دفترخانه ۳۴ مشهد و وکالتنامه شماره ۲۴۸۴۷ مورخ ۱۳۹۶/۱۱/۲۸ و وکالتنامه شماره ۲۴۵۹۸ مورخ ۱۳۹۶/۱۱/۱۷ دفترخانه ۴۵ مشهد و به استناد ۲ برگ فرم استشهادیه مصدق مدعی فقدان سند مالکیت ششدانگ یک قطعه زمین پلاک ثبتی ۱۸۰۶۴ فرعی از ۲۲۰ اصلی بخش ۱۰ مشهد که سند آن ذیل ثبت ۱۱۵۸۴ دفتر ۸۶ صفحه ۵۷۲ بنام نامبرده ثبت و صادر و تسلیم گردیده و سابقه ثبت دارد . لذا به استناد تبصره یک اصلاحی ماده ۱۲۰ آیین نامه قانون ثبت مراتب در یک نوبت آگهی میشود که هر کس نسبت به صدور سند مالکیت المثنی ملک مزبور معامله ای انجام داده و یا مدعی وجود سند مالکیت نزد خود میباشد ظرف مدت ده روز از تاریخ انتشار آگهی اعتراض کتبی خود را ضمن ارائه اصل سند مالکیت یا سند معامله به این اداره تسلیم و رسید اخذ نماید . بدیهی است در صورت عدم وصول اعتراض در مهلت مقرر و یا وصول اعتراض بدون ارائه سند مالکیت نسبت به صدور سند المثنی طبق مقررات اقدام خواهد شد . رئیس اداره ثبت اسناد و املاک ناحیه یک مشهد - محمد نخعی
۹۷۰۳۹۴۰
تصمیم واحد ثبتی
مرجع رسیدگی : اداره ثبت اسناد و املاک ناحیه دو مشهد مقدس . در اجرای ماده ۱ قانون تعیین تکلیف پرونده های معوق ثبتی اراضی و ساختمانهای فاقد سند رسمی ، نظر به درخواست متقاضی آقای جمشید بحرینی به طرفیت آقای حسین شیخی در خصوص انتقال ششدانگ یک قطعه زمین پلاک شماره ۸ فرعی از ۲۹۵ اصلی بخش ۱۱ مشهد و با توجه به مدارک ابرازی و تحقیقات و معاینات محلی و احراز تصرفات مالکانه متقاضی ، مقرر گردید سند مالکیت به نام متقاضی صادر گردد . گردشکار : برابر تکلیف پرونده های ثبتی و دفتر املاک تحت شماره ۳۱۲ سهم از ۶۰۰ سهم ششدانگ پلاک مزبور بنام آقای حسین شیخی ثبت و سند صادر شده است که نامبرده حقوق خود را به متقاضی منتقل نموده است . تصمیم واحد ثبتی : با توجه به سوابق و مدارک موجود در پرونده و نظریه کارشناس رسمی دادگستری ، ضمن احراز مالکیت متقاضی ، صدور سند مالکیت به نام وی بلامانع تشخیص داده شد . لذا مراتب جهت اطلاع عموم آگهی می گردد تا هر کس نسبت به این تصمیم اعتراض دارد ظرف مدت دو ماه از تاریخ انتشار آگهی اعتراض خود را به مرجع قضایی صالح تقدیم نماید .
محمد اسماعیل ذاکری - رئیس اداره ثبت اسناد و املاک منطقه دو مشهد مقدس
۹۷۰۴۰۰۲۹
۹۷۰۴۰۰۲۹
